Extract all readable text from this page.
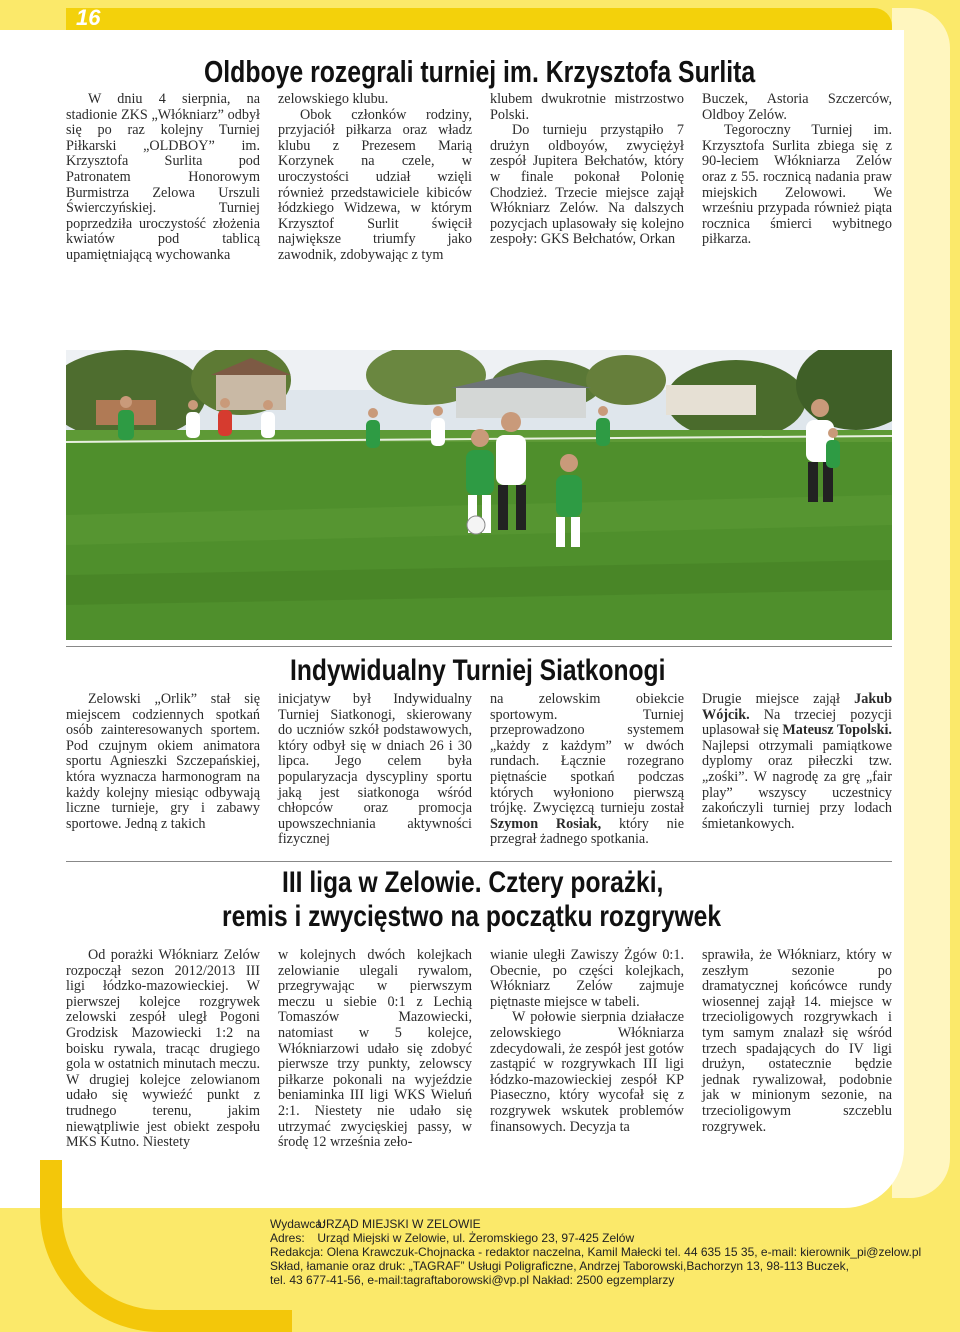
16
Oldboye rozegrali turniej im. Krzysztofa Surlita

W dniu 4 sierpnia, na stadionie ZKS „Włókniarz” odbył się po raz kolejny Turniej Piłkarski „OLDBOY” im. Krzysztofa Surlita pod Patronatem Honorowym Burmistrza Zelowa Urszuli Świerczyńskiej. Turniej poprzedziła uroczystość złożenia kwiatów pod tablicą upamiętniającą wychowanka

zelowskiego klubu.

Obok członków rodziny, przyjaciół piłkarza oraz władz klubu z Prezesem Marią Korzynek na czele, w uroczystości udział wzięli również przedstawiciele kibiców łódzkiego Widzewa, w którym Krzysztof Surlit święcił największe triumfy jako zawodnik, zdobywając z tym

klubem dwukrotnie mistrzostwo Polski.

Do turnieju przystąpiło 7 drużyn oldboyów, zwyciężył zespół Jupitera Bełchatów, który w finale pokonał Polonię Chodzież. Trzecie miejsce zajął Włókniarz Zelów. Na dalszych pozycjach uplasowały się kolejno zespoły: GKS Bełchatów, Orkan

Buczek, Astoria Szczerców, Oldboy Zelów.

Tegoroczny Turniej im. Krzysztofa Surlita zbiega się z 90-leciem Włókniarza Zelów oraz z 55. rocznicą nadania praw miejskich Zelowowi. We wrześniu przypada również piąta rocznica śmierci wybitnego piłkarza.

Indywidualny Turniej Siatkonogi

Zelowski „Orlik” stał się miejscem codziennych spotkań osób zainteresowanych sportem. Pod czujnym okiem animatora sportu Agnieszki Szczepańskiej, która wyznacza harmonogram na każdy kolejny miesiąc odbywają liczne turnieje, gry i zabawy sportowe. Jedną z takich

inicjatyw był Indywidualny Turniej Siatkonogi, skierowany do uczniów szkół podstawowych, który odbył się w dniach 26 i 30 lipca. Jego celem była popularyzacja dyscypliny sportu jaką jest siatkonoga wśród chłopców oraz promocja upowszechniania aktywności fizycznej

na zelowskim obiekcie sportowym. Turniej przeprowadzono systemem „każdy z każdym” w dwóch rundach. Łącznie rozegrano piętnaście spotkań podczas których wyłoniono pierwszą trójkę. Zwycięzcą turnieju został Szymon Rosiak, który nie przegrał żadnego spotkania.

Drugie miejsce zajął Jakub Wójcik. Na trzeciej pozycji uplasował się Mateusz Topolski. Najlepsi otrzymali pamiątkowe dyplomy oraz piłeczki tzw. „zośki”. W nagrodę za grę „fair play” wszyscy uczestnicy zakończyli turniej przy lodach śmietankowych.

III liga w Zelowie. Cztery porażki,
remis i zwycięstwo na początku rozgrywek

Od porażki Włókniarz Zelów rozpoczął sezon 2012/2013 III ligi łódzko-mazowieckiej. W pierwszej kolejce rozgrywek zelowski zespół uległ Pogoni Grodzisk Mazowiecki 1:2 na boisku rywala, tracąc drugiego gola w ostatnich minutach meczu. W drugiej kolejce zelowianom udało się wywieźć punkt z trudnego terenu, jakim niewątpliwie jest obiekt zespołu MKS Kutno. Niestety

w kolejnych dwóch kolejkach zelowianie ulegali rywalom, przegrywając w pierwszym meczu u siebie 0:1 z Lechią Tomaszów Mazowiecki, natomiast w 5 kolejce, Włókniarzowi udało się zdobyć pierwsze trzy punkty, zelowscy piłkarze pokonali na wyjeździe beniaminka III ligi WKS Wieluń 2:1. Niestety nie udało się utrzymać zwycięskiej passy, w środę 12 września zeło-

wianie uległi Zawiszy Żgów 0:1. Obecnie, po części kolejkach, Włókniarz Zelów zajmuje piętnaste miejsce w tabeli.

W połowie sierpnia działacze zelowskiego Włókniarza zdecydowali, że zespół jest gotów zastąpić w rozgrywkach III ligi łódzko-mazowieckiej zespół KP Piaseczno, który wycofał się z rozgrywek wskutek problemów finansowych. Decyzja ta

sprawiła, że Włókniarz, który w zeszłym sezonie po dramatycznej końcówce rundy wiosennej zajął 14. miejsce w trzecioligowych rozgrywkach i tym samym znalazł się wśród trzech spadających do IV ligi drużyn, ostatecznie będzie jednak rywalizował, podobnie jak w minionym sezonie, na trzecioligowym szczeblu rozgrywek.

Wydawca: URZĄD MIEJSKI W ZELOWIE
Adres: Urząd Miejski w Zelowie, ul. Żeromskiego 23, 97-425 Zelów
Redakcja: Olena Krawczuk-Chojnacka - redaktor naczelna, Kamil Małecki tel. 44 635 15 35, e-mail: kierownik_pi@zelow.pl
Skład, łamanie oraz druk: „TAGRAF” Usługi Poligraficzne, Andrzej Taborowski,Bachorzyn 13, 98-113 Buczek,
tel. 43 677-41-56, e-mail:tagraftaborowski@vp.pl Nakład: 2500 egzemplarzy
